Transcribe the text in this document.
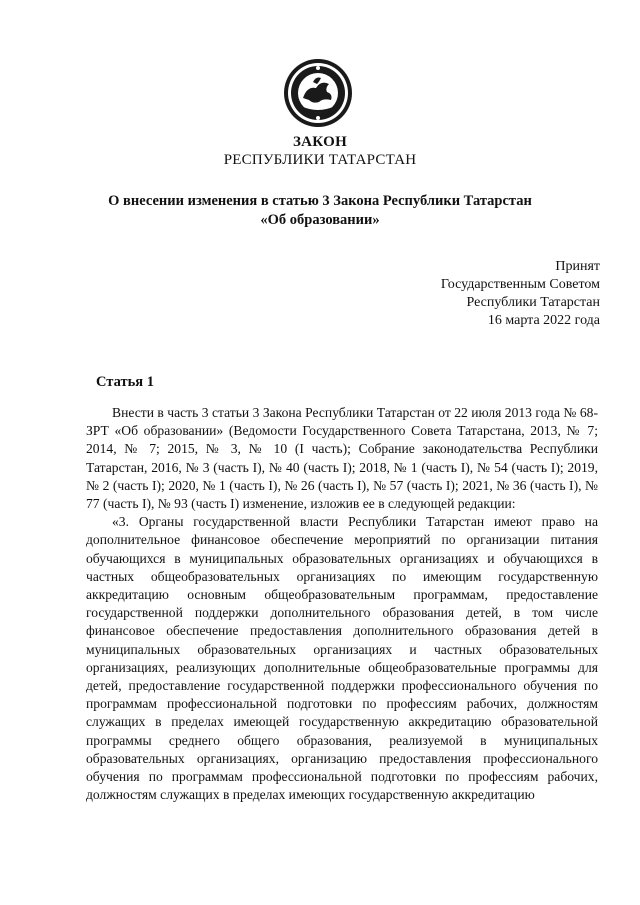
ЗАКОН
РЕСПУБЛИКИ ТАТАРСТАН
О внесении изменения в статью 3 Закона Республики Татарстан
«Об образовании»
Принят
Государственным Советом
Республики Татарстан
16 марта 2022 года
Статья 1

Внести в часть 3 статьи 3 Закона Республики Татарстан от 22 июля 2013 года № 68-ЗРТ «Об образовании» (Ведомости Государственного Совета Татарстана, 2013, № 7; 2014, № 7; 2015, № 3, № 10 (I часть); Собрание законодательства Республики Татарстан, 2016, № 3 (часть I), № 40 (часть I); 2018, № 1 (часть I), № 54 (часть I); 2019, № 2 (часть I); 2020, № 1 (часть I), № 26 (часть I), № 57 (часть I); 2021, № 36 (часть I), № 77 (часть I), № 93 (часть I) изменение, изложив ее в следующей редакции:

«3. Органы государственной власти Республики Татарстан имеют право на дополнительное финансовое обеспечение мероприятий по организации питания обучающихся в муниципальных образовательных организациях и обучающихся в частных общеобразовательных организациях по имеющим государственную аккредитацию основным общеобразовательным программам, предоставление государственной поддержки дополнительного образования детей, в том числе финансовое обеспечение предоставления дополнительного образования детей в муниципальных образовательных организациях и частных образовательных организациях, реализующих дополнительные общеобразовательные программы для детей, предоставление государственной поддержки профессионального обучения по программам профессиональной подготовки по профессиям рабочих, должностям служащих в пределах имеющей государственную аккредитацию образовательной программы среднего общего образования, реализуемой в муниципальных образовательных организациях, организацию предоставления профессионального обучения по программам профессиональной подготовки по профессиям рабочих, должностям служащих в пределах имеющих государственную аккредитацию
